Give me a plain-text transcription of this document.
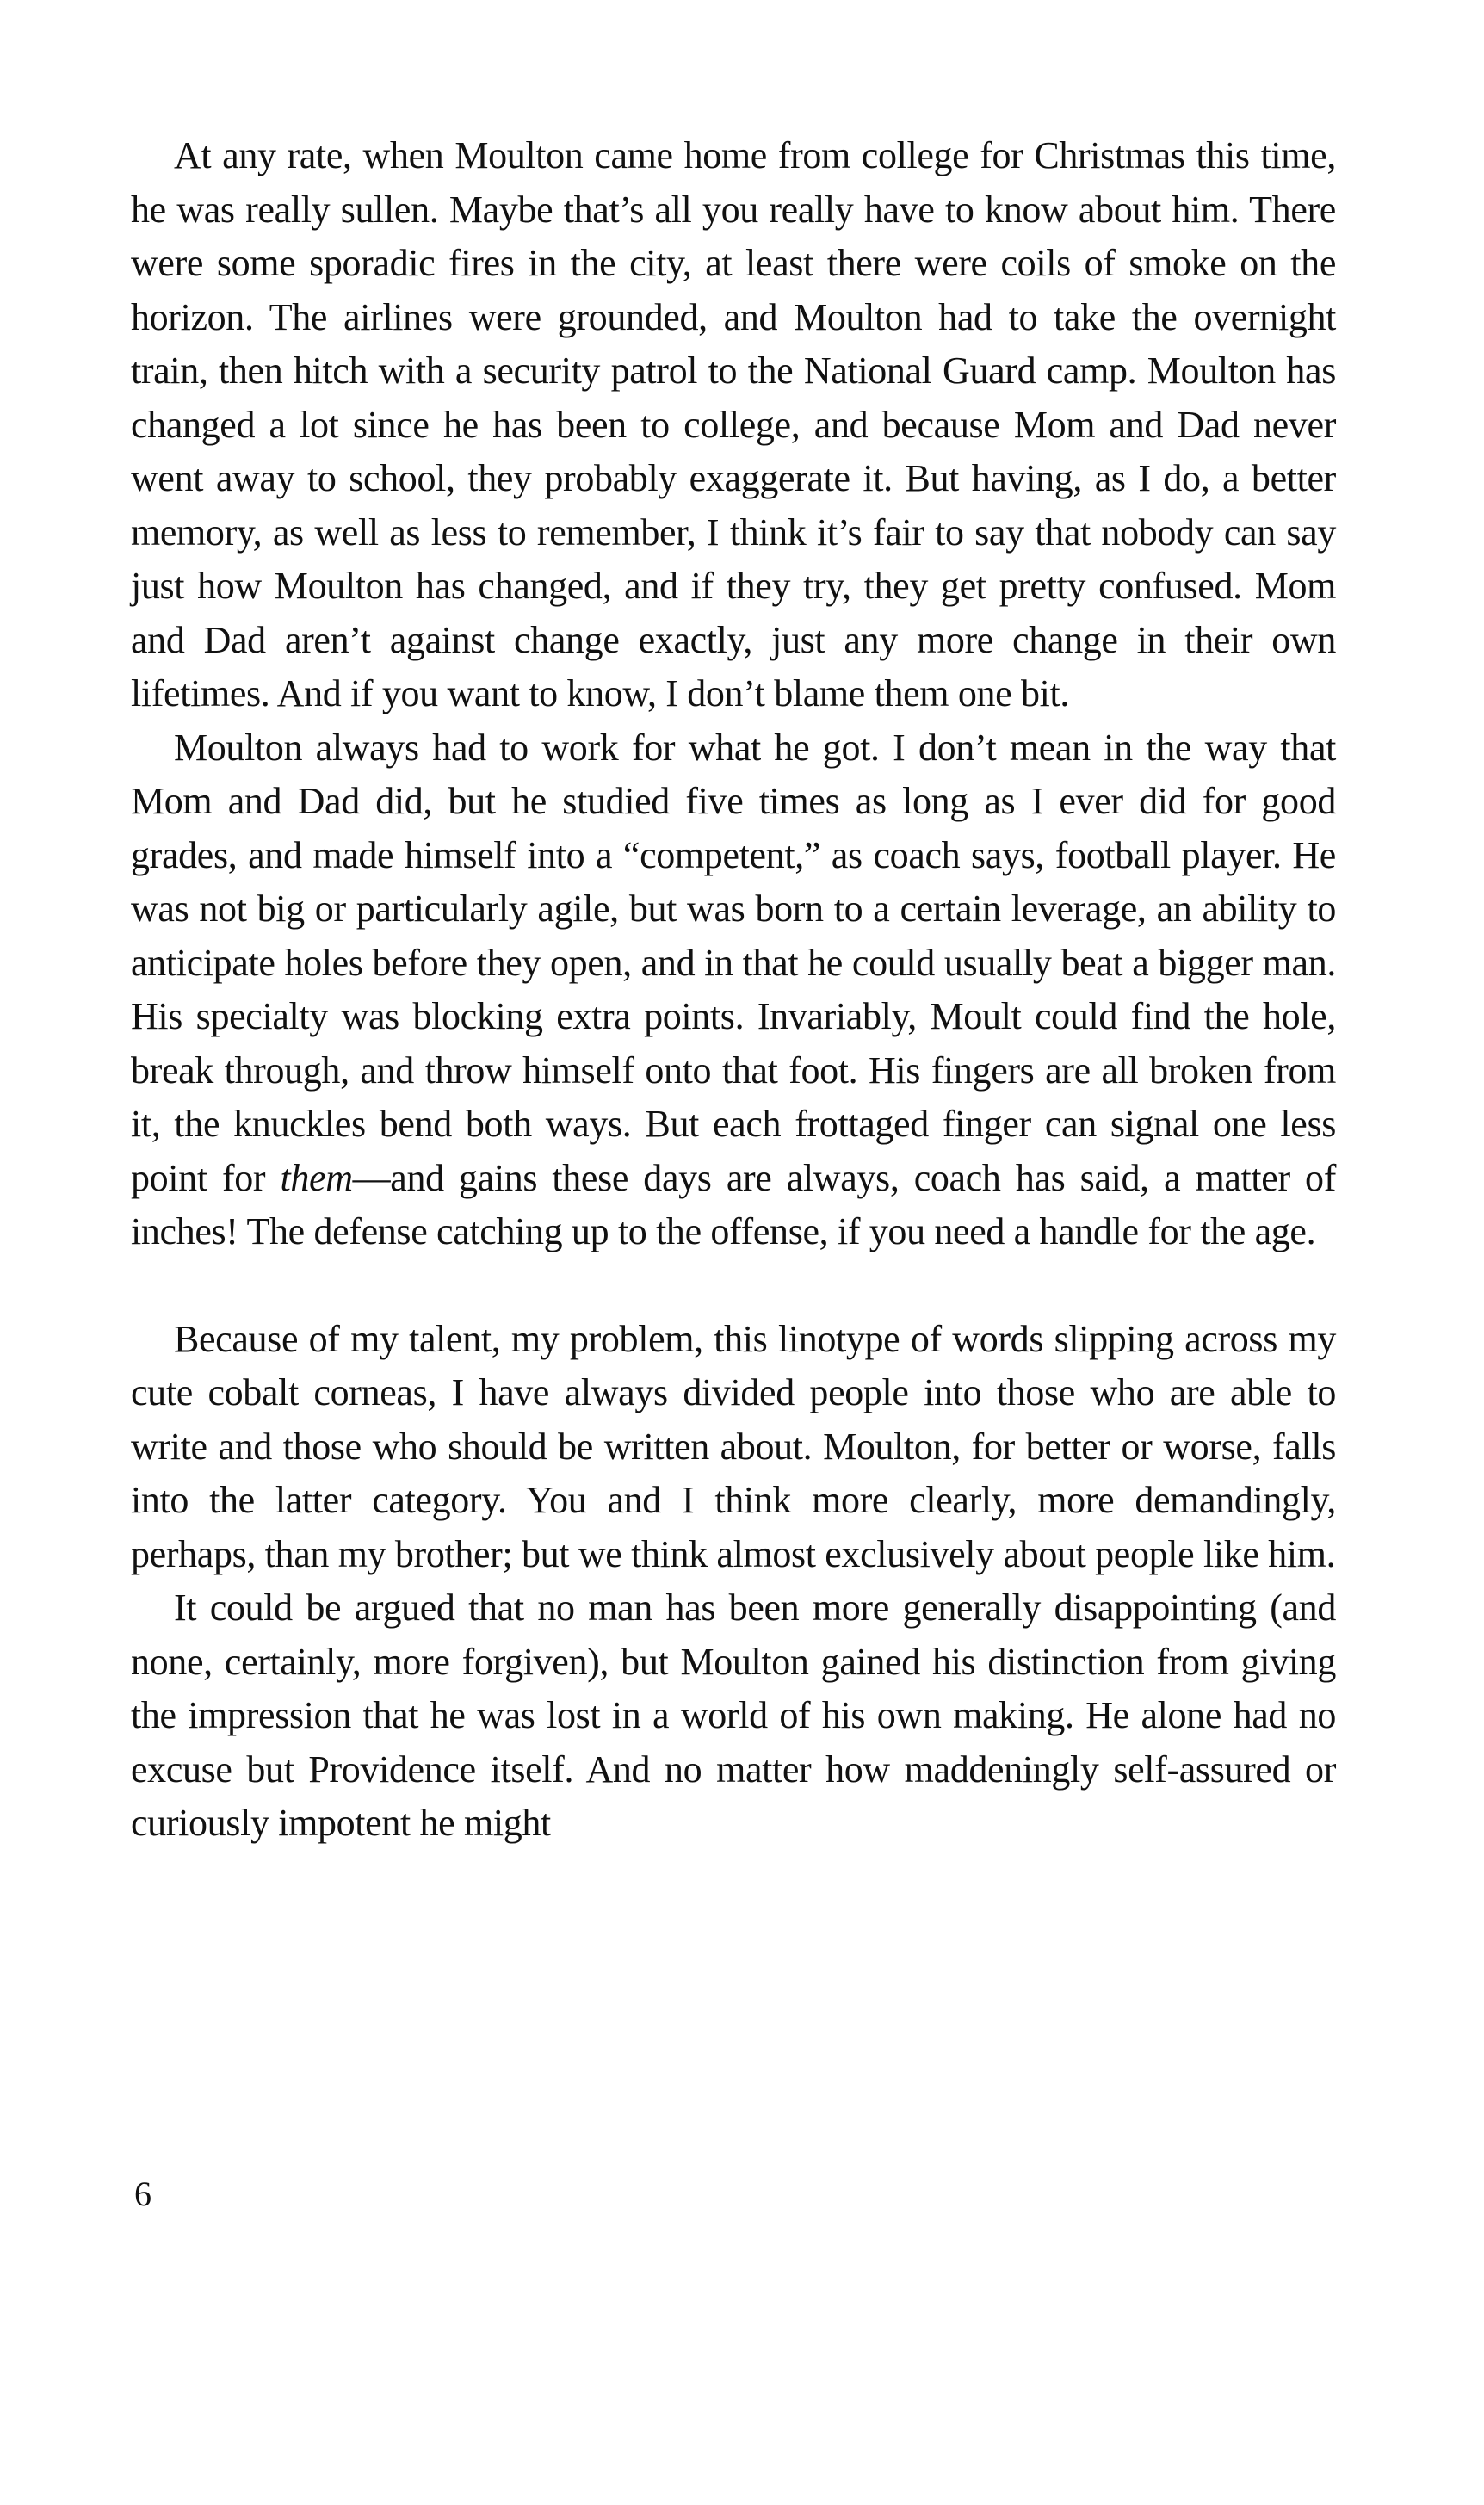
At any rate, when Moulton came home from college for Christmas this time, he was really sullen. Maybe that’s all you really have to know about him. There were some sporadic fires in the city, at least there were coils of smoke on the horizon. The airlines were grounded, and Moulton had to take the overnight train, then hitch with a security patrol to the National Guard camp. Moulton has changed a lot since he has been to college, and because Mom and Dad never went away to school, they probably exaggerate it. But having, as I do, a better memory, as well as less to remember, I think it’s fair to say that nobody can say just how Moulton has changed, and if they try, they get pretty confused. Mom and Dad aren’t against change exactly, just any more change in their own lifetimes. And if you want to know, I don’t blame them one bit.

Moulton always had to work for what he got. I don’t mean in the way that Mom and Dad did, but he studied five times as long as I ever did for good grades, and made himself into a “competent,” as coach says, football player. He was not big or particularly agile, but was born to a certain leverage, an ability to anticipate holes before they open, and in that he could usually beat a bigger man. His specialty was blocking extra points. Invariably, Moult could find the hole, break through, and throw himself onto that foot. His fingers are all broken from it, the knuckles bend both ways. But each frottaged finger can signal one less point for them—and gains these days are always, coach has said, a matter of inches! The defense catching up to the offense, if you need a handle for the age.

Because of my talent, my problem, this linotype of words slipping across my cute cobalt corneas, I have always divided people into those who are able to write and those who should be written about. Moulton, for better or worse, falls into the latter category. You and I think more clearly, more demandingly, perhaps, than my brother; but we think almost exclusively about people like him.

It could be argued that no man has been more generally disappointing (and none, certainly, more forgiven), but Moulton gained his distinction from giving the impression that he was lost in a world of his own making. He alone had no excuse but Providence itself. And no matter how maddeningly self-assured or curiously impotent he might

6
